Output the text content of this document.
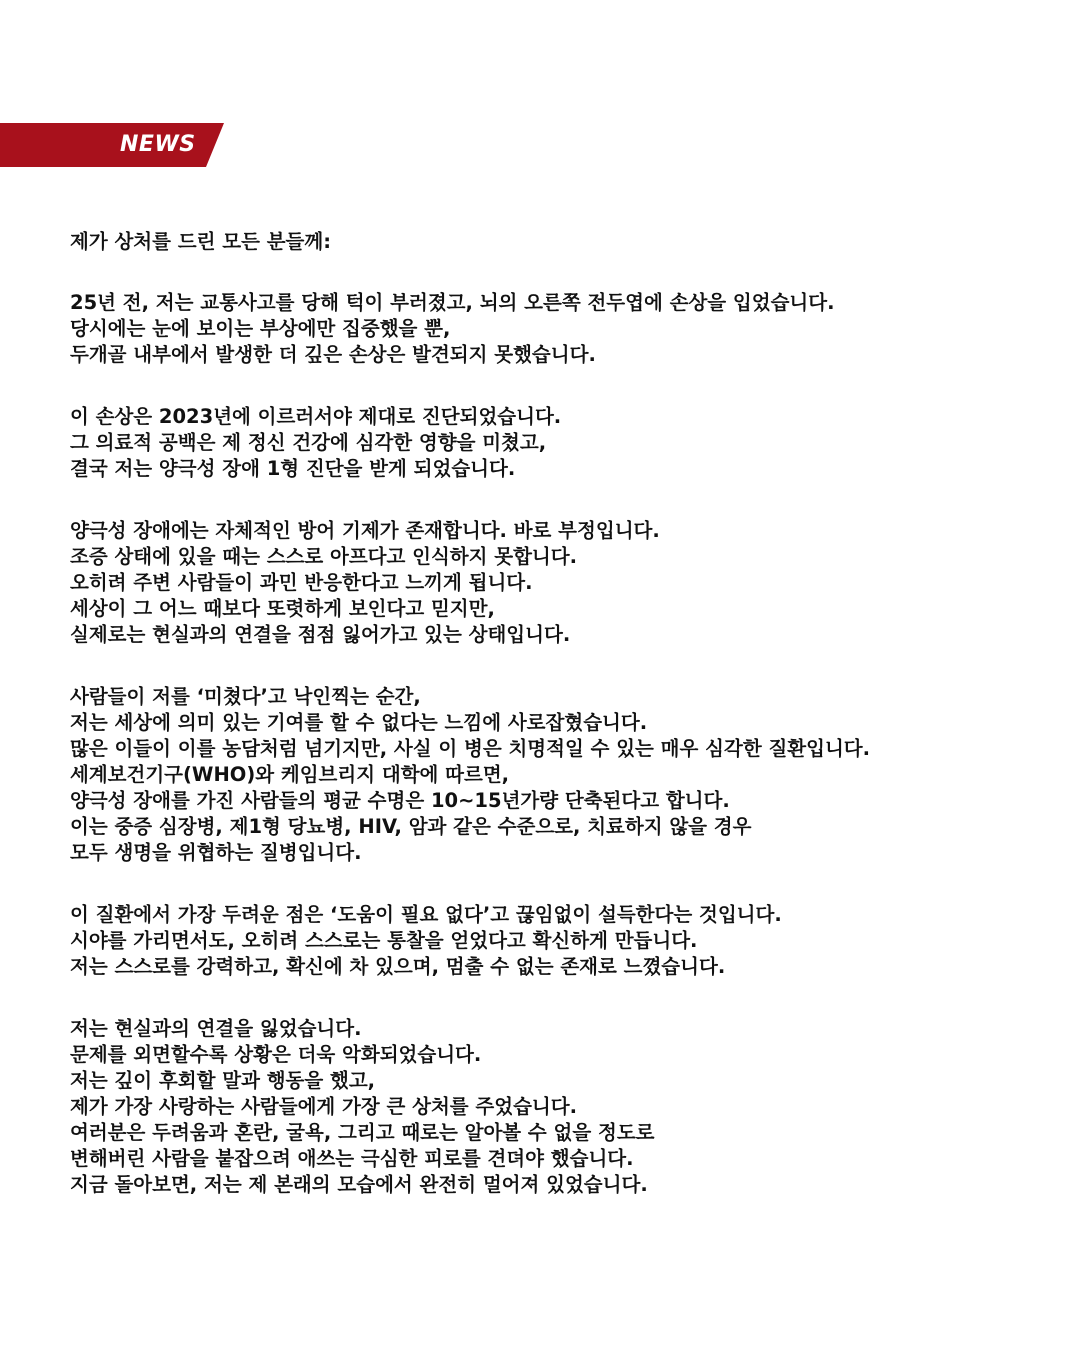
NEWS
제가 상처를 드린 모든 분들께:
25년 전, 저는 교통사고를 당해 턱이 부러졌고, 뇌의 오른쪽 전두엽에 손상을 입었습니다.
당시에는 눈에 보이는 부상에만 집중했을 뿐,
두개골 내부에서 발생한 더 깊은 손상은 발견되지 못했습니다.
이 손상은 2023년에 이르러서야 제대로 진단되었습니다.
그 의료적 공백은 제 정신 건강에 심각한 영향을 미쳤고,
결국 저는 양극성 장애 1형 진단을 받게 되었습니다.
양극성 장애에는 자체적인 방어 기제가 존재합니다. 바로 부정입니다.
조증 상태에 있을 때는 스스로 아프다고 인식하지 못합니다.
오히려 주변 사람들이 과민 반응한다고 느끼게 됩니다.
세상이 그 어느 때보다 또렷하게 보인다고 믿지만,
실제로는 현실과의 연결을 점점 잃어가고 있는 상태입니다.
사람들이 저를 ‘미쳤다’고 낙인찍는 순간,
저는 세상에 의미 있는 기여를 할 수 없다는 느낌에 사로잡혔습니다.
많은 이들이 이를 농담처럼 넘기지만, 사실 이 병은 치명적일 수 있는 매우 심각한 질환입니다.
세계보건기구(WHO)와 케임브리지 대학에 따르면,
양극성 장애를 가진 사람들의 평균 수명은 10~15년가량 단축된다고 합니다.
이는 중증 심장병, 제1형 당뇨병, HIV, 암과 같은 수준으로, 치료하지 않을 경우
모두 생명을 위협하는 질병입니다.
이 질환에서 가장 두려운 점은 ‘도움이 필요 없다’고 끊임없이 설득한다는 것입니다.
시야를 가리면서도, 오히려 스스로는 통찰을 얻었다고 확신하게 만듭니다.
저는 스스로를 강력하고, 확신에 차 있으며, 멈출 수 없는 존재로 느꼈습니다.
저는 현실과의 연결을 잃었습니다.
문제를 외면할수록 상황은 더욱 악화되었습니다.
저는 깊이 후회할 말과 행동을 했고,
제가 가장 사랑하는 사람들에게 가장 큰 상처를 주었습니다.
여러분은 두려움과 혼란, 굴욕, 그리고 때로는 알아볼 수 없을 정도로
변해버린 사람을 붙잡으려 애쓰는 극심한 피로를 견뎌야 했습니다.
지금 돌아보면, 저는 제 본래의 모습에서 완전히 멀어져 있었습니다.
